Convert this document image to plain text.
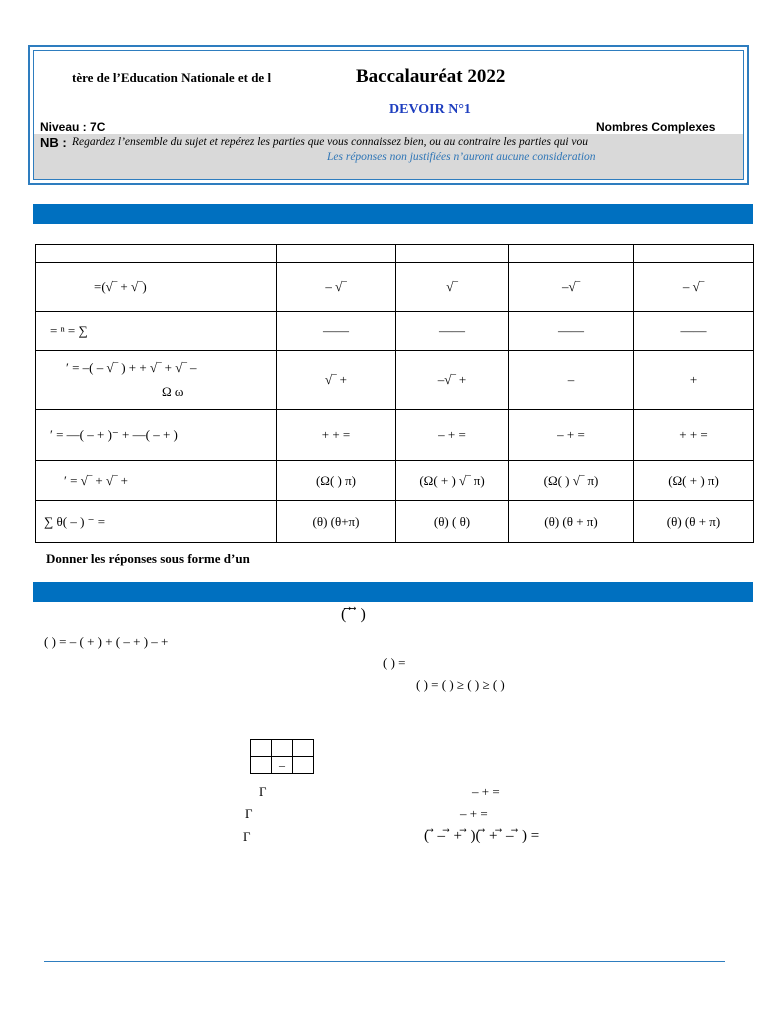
tère de l’Education Nationale et de l	Baccalauréat 2022
DEVOIR N°1
Niveau : 7C	Nombres Complexes
NB : Regardez l’ensemble du sujet et repérez les parties que vous connaissez bien, ou au contraire les parties qui vou
Les réponses non justifiées n’auront aucune consideration

=(√‾ + √‾)	– √‾	√‾	–√‾	– √‾
= ⁿ = ∑	——	——	——	——
′ = –( – √‾ ) + + √‾ + √‾ –
Ω ω	√‾ +	–√‾ +	–	+
′ = —( – + )⁻ + —( – + )	+ + =	– + =	– + =	+ + =
′ = √‾ + √‾ +	(Ω( ) π)	(Ω( + ) √‾ π)	(Ω( ) √‾ π)	(Ω( + ) π)
∑ θ( – ) ⁻ =	(θ) (θ+π)	(θ) ( θ)	(θ) (θ + π)	(θ) (θ + π)
Donner les réponses sous forme d’un
( ⃗ ⃗ )
( ) = – ( + ) + ( – + ) – +
( ) =
( ) = ( ) ≥ ( ) ≥ ( )

	–	
Γ	– + =
Γ	– + =
Γ	( ⃗ – ⃗ + ⃗ )( ⃗ + ⃗ – ⃗ ) =
